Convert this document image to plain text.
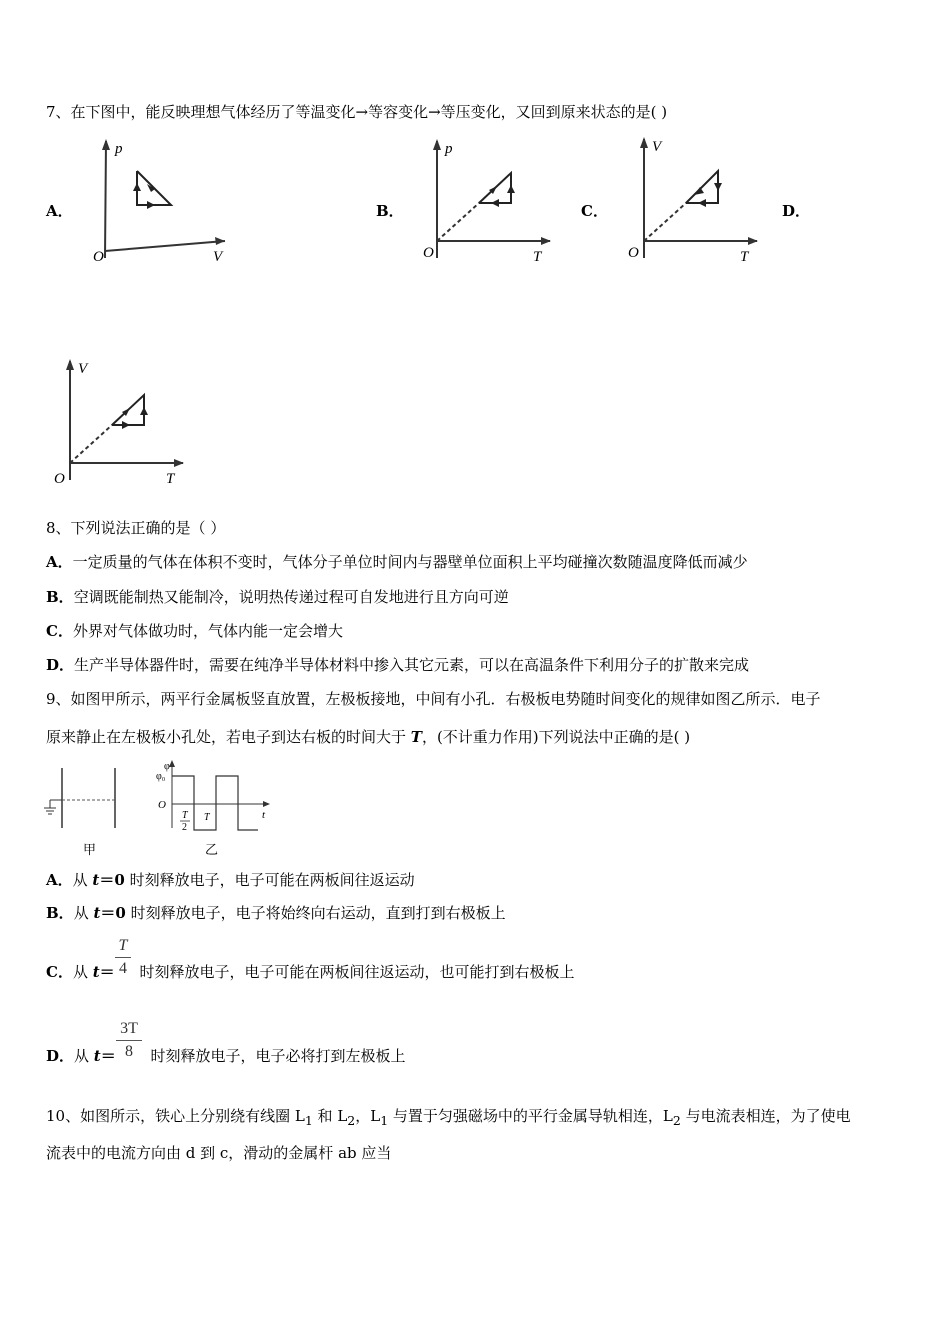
7、在下图中，能反映理想气体经历了等温变化→等容变化→等压变化，又回到原来状态的是( )
A．
p
V
O
B．
p
T
O
C．
V
T
O
D．
V
T
O
8、下列说法正确的是（ ）
A．一定质量的气体在体积不变时，气体分子单位时间内与器壁单位面积上平均碰撞次数随温度降低而减少
B．空调既能制热又能制冷，说明热传递过程可自发地进行且方向可逆
C．外界对气体做功时，气体内能一定会增大
D．生产半导体器件时，需要在纯净半导体材料中掺入其它元素，可以在高温条件下利用分子的扩散来完成
9、如图甲所示，两平行金属板竖直放置，左极板接地，中间有小孔．右极板电势随时间变化的规律如图乙所示．电子
原来静止在左极板小孔处，若电子到达右板的时间大于 T，(不计重力作用)下列说法中正确的是( )
甲
φ
φ₀
O
t
T
2
T
乙
A．从 t＝0 时刻释放电子，电子可能在两板间往返运动
B．从 t＝0 时刻释放电子，电子将始终向右运动，直到打到右极板上
C．从 t＝ 时刻释放电子，电子可能在两板间往返运动，也可能打到右极板上
T
4
D．从 t＝ 时刻释放电子，电子必将打到左极板上
3T
8
10、如图所示，铁心上分别绕有线圈 $L_1$ 和 $L_2$，$L_1$ 与置于匀强磁场中的平行金属导轨相连，$L_2$ 与电流表相连，为了使电
流表中的电流方向由 d 到 c，滑动的金属杆 ab 应当
